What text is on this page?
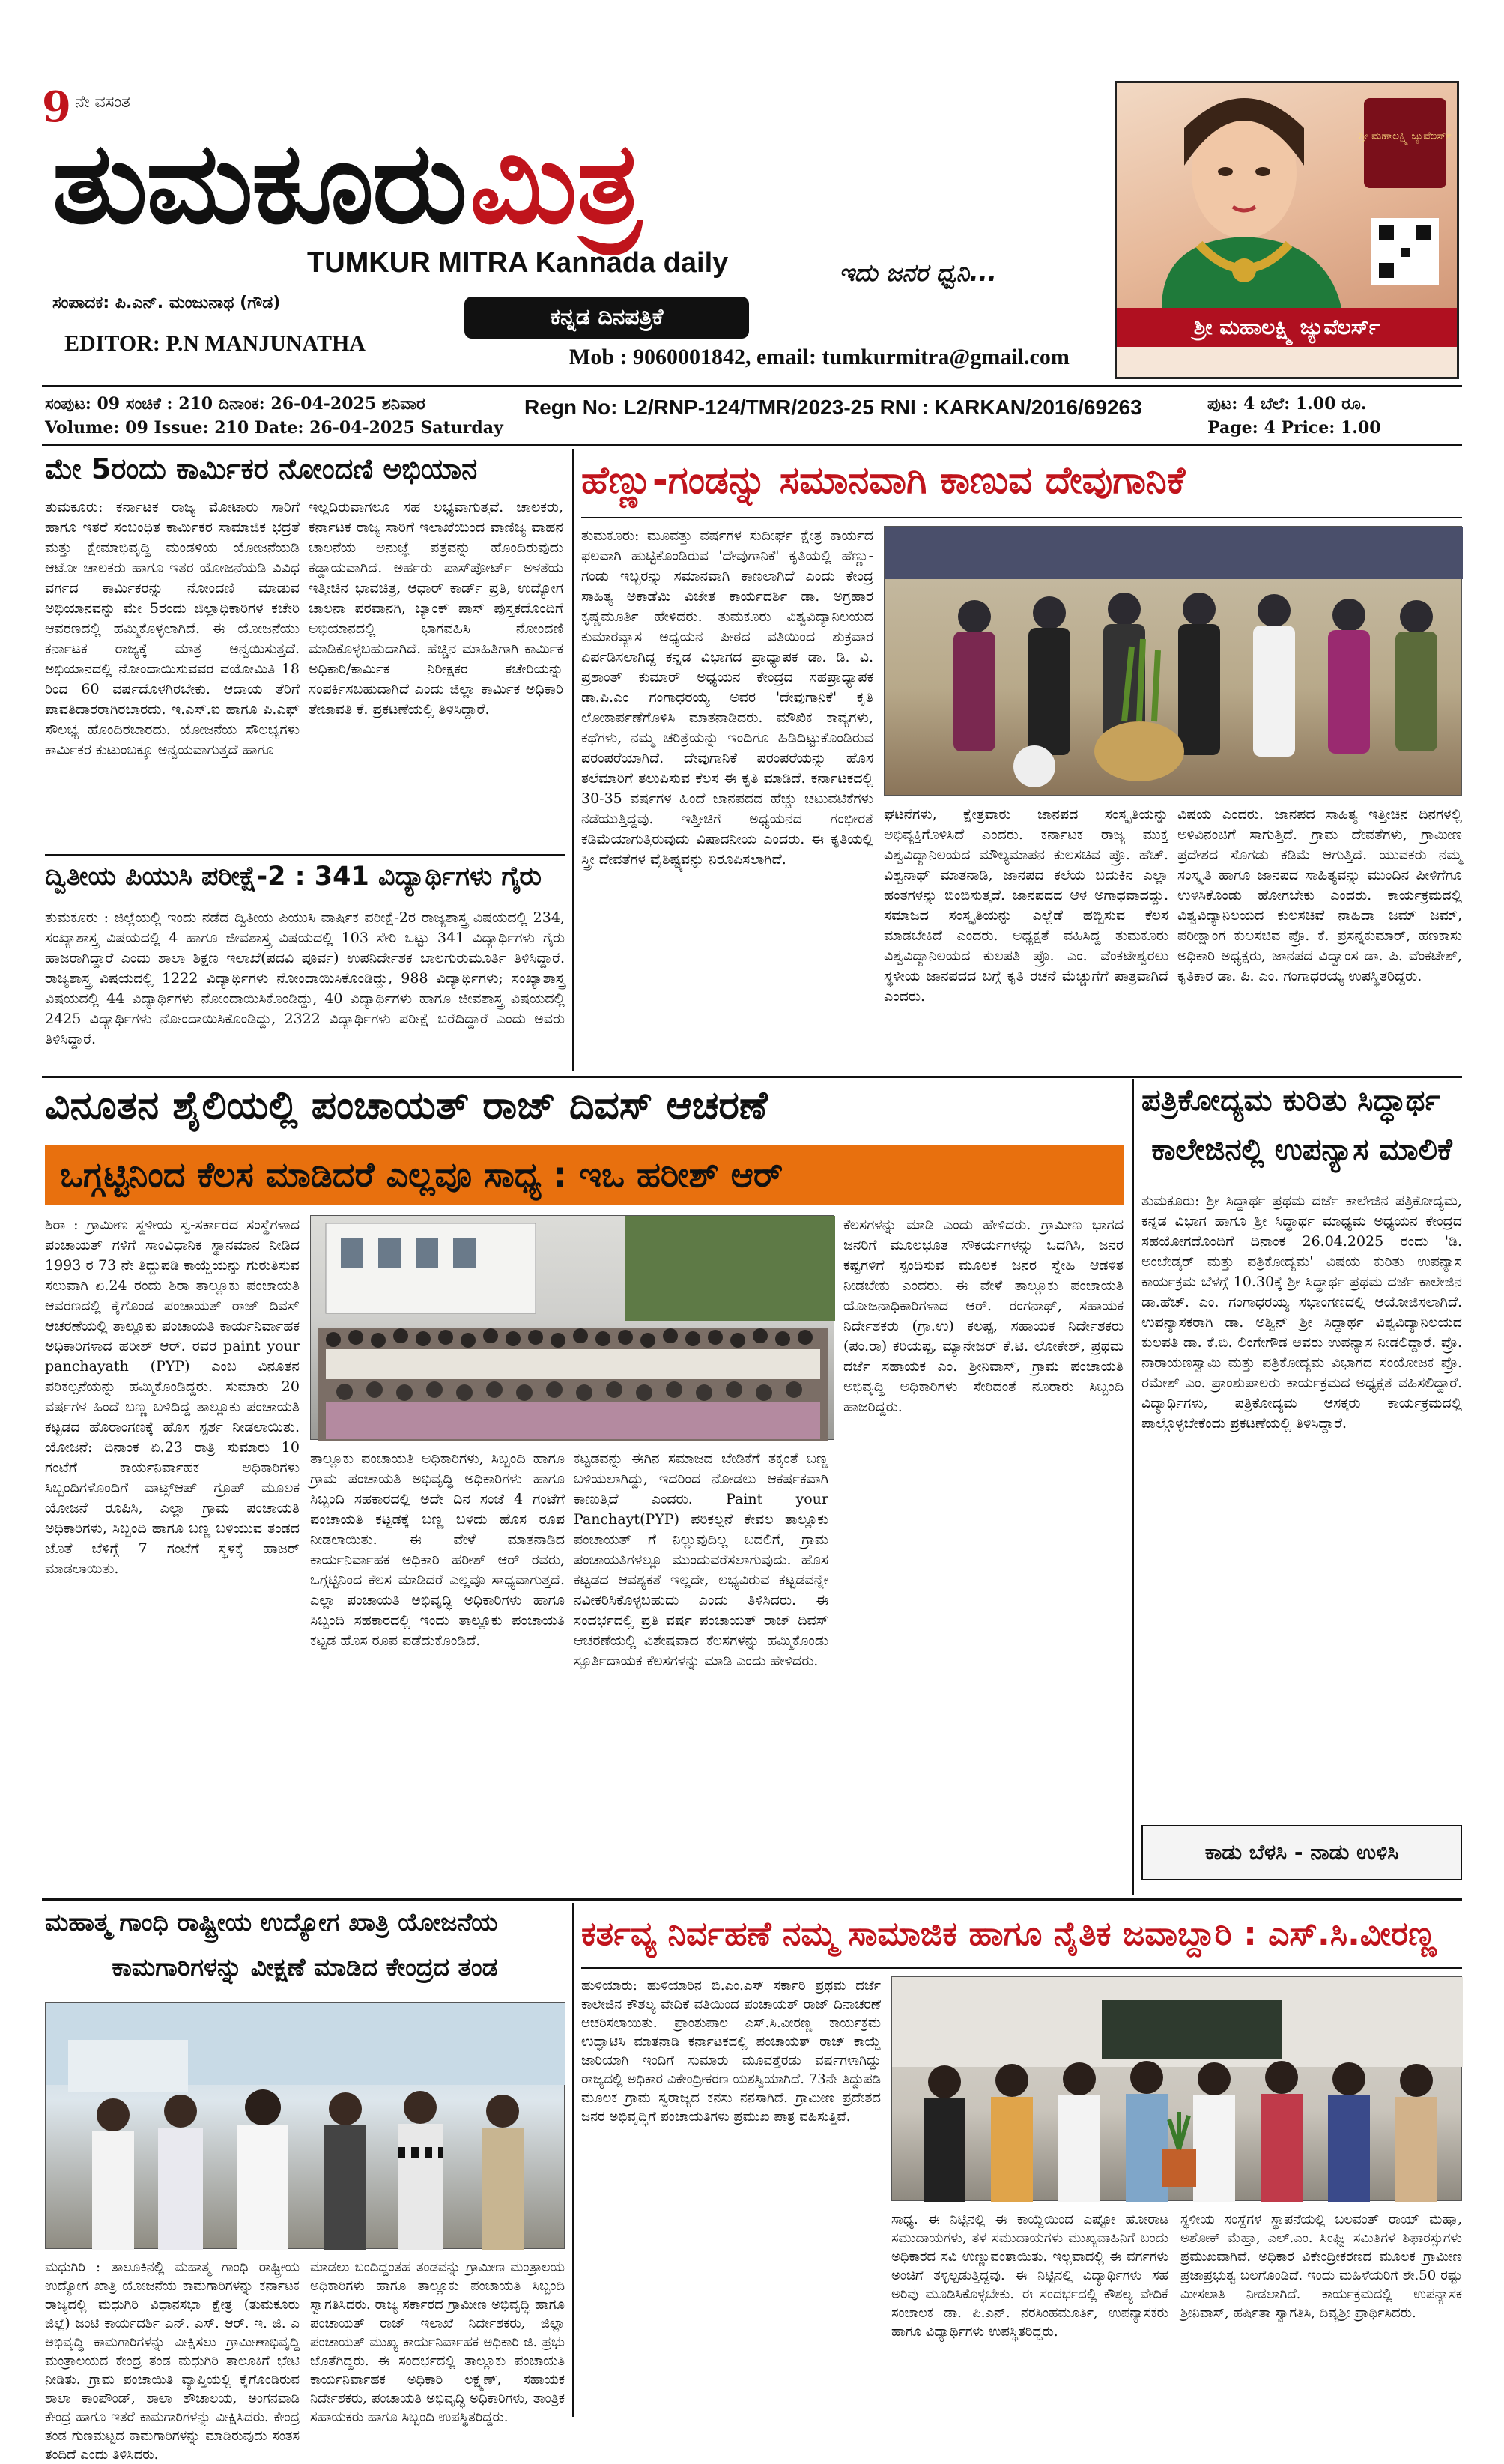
9 ನೇ ವಸಂತ
ತುಮಕೂರು ಮಿತ್ರ
TUMKUR MITRA Kannada daily	ಇದು ಜನರ ಧ್ವನಿ...
ಸಂಪಾದಕ: ಪಿ.ಎನ್. ಮಂಜುನಾಥ (ಗೌಡ)
EDITOR: P.N MANJUNATHA
ಕನ್ನಡ ದಿನಪತ್ರಿಕೆ
Mob : 9060001842, email: tumkurmitra@gmail.com
ಶ್ರೀ ಮಹಾಲಕ್ಷ್ಮಿ ಜ್ಯುವೆಲರ್ಸ್
ಶ್ರೀ ಮಹಾಲಕ್ಷ್ಮಿ ಜ್ಯುವೆಲರ್ಸ್
ಸಂಪುಟ: 09 ಸಂಚಿಕೆ : 210 ದಿನಾಂಕ: 26-04-2025 ಶನಿವಾರ
Volume: 09 Issue: 210 Date: 26-04-2025 Saturday
Regn No: L2/RNP-124/TMR/2023-25 RNI : KARKAN/2016/69263	ಪುಟ: 4 ಬೆಲೆ: 1.00 ರೂ.
Page: 4 Price: 1.00
ಮೇ 5ರಂದು ಕಾರ್ಮಿಕರ ನೋಂದಣಿ ಅಭಿಯಾನ
ತುಮಕೂರು: ಕರ್ನಾಟಕ ರಾಜ್ಯ ಮೋಟಾರು ಸಾರಿಗೆ ಹಾಗೂ ಇತರೆ ಸಂಬಂಧಿತ ಕಾರ್ಮಿಕರ ಸಾಮಾಜಿಕ ಭದ್ರತೆ ಮತ್ತು ಕ್ಷೇಮಾಭಿವೃದ್ಧಿ ಮಂಡಳಿಯ ಯೋಜನೆಯಡಿ ಆಟೋ ಚಾಲಕರು ಹಾಗೂ ಇತರ ಯೋಜನೆಯಡಿ ವಿವಿಧ ವರ್ಗದ ಕಾರ್ಮಿಕರನ್ನು ನೋಂದಣಿ ಮಾಡುವ ಅಭಿಯಾನವನ್ನು ಮೇ 5ರಂದು ಜಿಲ್ಲಾಧಿಕಾರಿಗಳ ಕಚೇರಿ ಆವರಣದಲ್ಲಿ ಹಮ್ಮಿಕೊಳ್ಳಲಾಗಿದೆ. ಈ ಯೋಜನೆಯು ಕರ್ನಾಟಕ ರಾಜ್ಯಕ್ಕೆ ಮಾತ್ರ ಅನ್ವಯಿಸುತ್ತದೆ. ಅಭಿಯಾನದಲ್ಲಿ ನೋಂದಾಯಿಸುವವರ ವಯೋಮಿತಿ 18 ರಿಂದ 60 ವರ್ಷದೊಳಗಿರಬೇಕು. ಆದಾಯ ತೆರಿಗೆ ಪಾವತಿದಾರರಾಗಿರಬಾರದು. ಇ.ಎಸ್.ಐ ಹಾಗೂ ಪಿ.ಎಫ್ ಸೌಲಭ್ಯ ಹೊಂದಿರಬಾರದು. ಯೋಜನೆಯ ಸೌಲಭ್ಯಗಳು ಕಾರ್ಮಿಕರ ಕುಟುಂಬಕ್ಕೂ ಅನ್ವಯವಾಗುತ್ತದೆ ಹಾಗೂ
ಇಲ್ಲದಿರುವಾಗಲೂ ಸಹ ಲಭ್ಯವಾಗುತ್ತವೆ. ಚಾಲಕರು, ಕರ್ನಾಟಕ ರಾಜ್ಯ ಸಾರಿಗೆ ಇಲಾಖೆಯಿಂದ ವಾಣಿಜ್ಯ ವಾಹನ ಚಾಲನೆಯ ಅನುಜ್ಞೆ ಪತ್ರವನ್ನು ಹೊಂದಿರುವುದು ಕಡ್ಡಾಯವಾಗಿದೆ. ಅರ್ಹರು ಪಾಸ್‌ಪೋರ್ಟ್ ಅಳತೆಯ ಇತ್ತೀಚಿನ ಭಾವಚಿತ್ರ, ಆಧಾರ್ ಕಾರ್ಡ್ ಪ್ರತಿ, ಉದ್ಯೋಗ ಚಾಲನಾ ಪರವಾನಗಿ, ಬ್ಯಾಂಕ್ ಪಾಸ್ ಪುಸ್ತಕದೊಂದಿಗೆ ಅಭಿಯಾನದಲ್ಲಿ ಭಾಗವಹಿಸಿ ನೋಂದಣಿ ಮಾಡಿಕೊಳ್ಳಬಹುದಾಗಿದೆ. ಹೆಚ್ಚಿನ ಮಾಹಿತಿಗಾಗಿ ಕಾರ್ಮಿಕ ಅಧಿಕಾರಿ/ಕಾರ್ಮಿಕ ನಿರೀಕ್ಷಕರ ಕಚೇರಿಯನ್ನು ಸಂಪರ್ಕಿಸಬಹುದಾಗಿದೆ ಎಂದು ಜಿಲ್ಲಾ ಕಾರ್ಮಿಕ ಅಧಿಕಾರಿ ತೇಜಾವತಿ ಕೆ. ಪ್ರಕಟಣೆಯಲ್ಲಿ ತಿಳಿಸಿದ್ದಾರೆ.
ದ್ವಿತೀಯ ಪಿಯುಸಿ ಪರೀಕ್ಷೆ-2 : 341 ವಿದ್ಯಾರ್ಥಿಗಳು ಗೈರು
ತುಮಕೂರು : ಜಿಲ್ಲೆಯಲ್ಲಿ ಇಂದು ನಡೆದ ದ್ವಿತೀಯ ಪಿಯುಸಿ ವಾರ್ಷಿಕ ಪರೀಕ್ಷೆ-2ರ ರಾಜ್ಯಶಾಸ್ತ್ರ ವಿಷಯದಲ್ಲಿ 234, ಸಂಖ್ಯಾಶಾಸ್ತ್ರ ವಿಷಯದಲ್ಲಿ 4 ಹಾಗೂ ಜೀವಶಾಸ್ತ್ರ ವಿಷಯದಲ್ಲಿ 103 ಸೇರಿ ಒಟ್ಟು 341 ವಿದ್ಯಾರ್ಥಿಗಳು ಗೈರು ಹಾಜರಾಗಿದ್ದಾರೆ ಎಂದು ಶಾಲಾ ಶಿಕ್ಷಣ ಇಲಾಖೆ(ಪದವಿ ಪೂರ್ವ) ಉಪನಿರ್ದೇಶಕ ಬಾಲಗುರುಮೂರ್ತಿ ತಿಳಿಸಿದ್ದಾರೆ. ರಾಜ್ಯಶಾಸ್ತ್ರ ವಿಷಯದಲ್ಲಿ 1222 ವಿದ್ಯಾರ್ಥಿಗಳು ನೋಂದಾಯಿಸಿಕೊಂಡಿದ್ದು, 988 ವಿದ್ಯಾರ್ಥಿಗಳು; ಸಂಖ್ಯಾಶಾಸ್ತ್ರ ವಿಷಯದಲ್ಲಿ 44 ವಿದ್ಯಾರ್ಥಿಗಳು ನೋಂದಾಯಿಸಿಕೊಂಡಿದ್ದು, 40 ವಿದ್ಯಾರ್ಥಿಗಳು ಹಾಗೂ ಜೀವಶಾಸ್ತ್ರ ವಿಷಯದಲ್ಲಿ 2425 ವಿದ್ಯಾರ್ಥಿಗಳು ನೋಂದಾಯಿಸಿಕೊಂಡಿದ್ದು, 2322 ವಿದ್ಯಾರ್ಥಿಗಳು ಪರೀಕ್ಷೆ ಬರೆದಿದ್ದಾರೆ ಎಂದು ಅವರು ತಿಳಿಸಿದ್ದಾರೆ.
ಹೆಣ್ಣು-ಗಂಡನ್ನು ಸಮಾನವಾಗಿ ಕಾಣುವ ದೇವುಗಾನಿಕೆ
ತುಮಕೂರು: ಮೂವತ್ತು ವರ್ಷಗಳ ಸುದೀರ್ಘ ಕ್ಷೇತ್ರ ಕಾರ್ಯದ ಫಲವಾಗಿ ಹುಟ್ಟಿಕೊಂಡಿರುವ 'ದೇವುಗಾನಿಕೆ' ಕೃತಿಯಲ್ಲಿ ಹೆಣ್ಣು- ಗಂಡು ಇಬ್ಬರನ್ನು ಸಮಾನವಾಗಿ ಕಾಣಲಾಗಿದೆ ಎಂದು ಕೇಂದ್ರ ಸಾಹಿತ್ಯ ಅಕಾಡೆಮಿ ವಿಜೇತ ಕಾರ್ಯದರ್ಶಿ ಡಾ. ಅಗ್ರಹಾರ ಕೃಷ್ಣಮೂರ್ತಿ ಹೇಳಿದರು. ತುಮಕೂರು ವಿಶ್ವವಿದ್ಯಾನಿಲಯದ ಕುಮಾರವ್ಯಾಸ ಅಧ್ಯಯನ ಪೀಠದ ವತಿಯಿಂದ ಶುಕ್ರವಾರ ಏರ್ಪಡಿಸಲಾಗಿದ್ದ ಕನ್ನಡ ವಿಭಾಗದ ಪ್ರಾಧ್ಯಾಪಕ ಡಾ. ಡಿ. ವಿ. ಪ್ರಶಾಂತ್ ಕುಮಾರ್ ಅಧ್ಯಯನ ಕೇಂದ್ರದ ಸಹಪ್ರಾಧ್ಯಾಪಕ ಡಾ.ಪಿ.ಎಂ ಗಂಗಾಧರಯ್ಯ ಅವರ 'ದೇವುಗಾನಿಕೆ' ಕೃತಿ ಲೋಕಾರ್ಪಣೆಗೊಳಿಸಿ ಮಾತನಾಡಿದರು. ಮೌಖಿಕ ಕಾವ್ಯಗಳು, ಕಥೆಗಳು, ನಮ್ಮ ಚರಿತ್ರೆಯನ್ನು ಇಂದಿಗೂ ಹಿಡಿದಿಟ್ಟುಕೊಂಡಿರುವ ಪರಂಪರೆಯಾಗಿದೆ. ದೇವುಗಾನಿಕೆ ಪರಂಪರೆಯನ್ನು ಹೊಸ ತಲೆಮಾರಿಗೆ ತಲುಪಿಸುವ ಕೆಲಸ ಈ ಕೃತಿ ಮಾಡಿದೆ. ಕರ್ನಾಟಕದಲ್ಲಿ 30-35 ವರ್ಷಗಳ ಹಿಂದೆ ಜಾನಪದದ ಹೆಚ್ಚು ಚಟುವಟಿಕೆಗಳು ನಡೆಯುತ್ತಿದ್ದವು. ಇತ್ತೀಚಿಗೆ ಅಧ್ಯಯನದ ಗಂಭೀರತೆ ಕಡಿಮೆಯಾಗುತ್ತಿರುವುದು ವಿಷಾದನೀಯ ಎಂದರು. ಈ ಕೃತಿಯಲ್ಲಿ ಸ್ತ್ರೀ ದೇವತೆಗಳ ವೈಶಿಷ್ಟ್ಯವನ್ನು ನಿರೂಪಿಸಲಾಗಿದೆ.
ಘಟನೆಗಳು, ಕ್ಷೇತ್ರವಾರು ಜಾನಪದ ಸಂಸ್ಕೃತಿಯನ್ನು ಅಭಿವ್ಯಕ್ತಿಗೊಳಿಸಿದೆ ಎಂದರು. ಕರ್ನಾಟಕ ರಾಜ್ಯ ಮುಕ್ತ ವಿಶ್ವವಿದ್ಯಾನಿಲಯದ ಮೌಲ್ಯಮಾಪನ ಕುಲಸಚಿವ ಪ್ರೊ. ಹೆಚ್. ವಿಶ್ವನಾಥ್ ಮಾತನಾಡಿ, ಜಾನಪದ ಕಲೆಯ ಬದುಕಿನ ಎಲ್ಲಾ ಹಂತಗಳನ್ನು ಬಿಂಬಿಸುತ್ತದೆ. ಜಾನಪದದ ಆಳ ಅಗಾಧವಾದದ್ದು. ಸಮಾಜದ ಸಂಸ್ಕೃತಿಯನ್ನು ಎಲ್ಲೆಡೆ ಹಬ್ಬಿಸುವ ಕೆಲಸ ಮಾಡಬೇಕಿದೆ ಎಂದರು. ಅಧ್ಯಕ್ಷತೆ ವಹಿಸಿದ್ದ ತುಮಕೂರು ವಿಶ್ವವಿದ್ಯಾನಿಲಯದ ಕುಲಪತಿ ಪ್ರೊ. ಎಂ. ವೆಂಕಟೇಶ್ವರಲು ಸ್ಥಳೀಯ ಜಾನಪದದ ಬಗ್ಗೆ ಕೃತಿ ರಚನೆ ಮೆಚ್ಚುಗೆಗೆ ಪಾತ್ರವಾಗಿದೆ ಎಂದರು.
ವಿಷಯ ಎಂದರು. ಜಾನಪದ ಸಾಹಿತ್ಯ ಇತ್ತೀಚಿನ ದಿನಗಳಲ್ಲಿ ಅಳಿವಿನಂಚಿಗೆ ಸಾಗುತ್ತಿದೆ. ಗ್ರಾಮ ದೇವತೆಗಳು, ಗ್ರಾಮೀಣ ಪ್ರದೇಶದ ಸೊಗಡು ಕಡಿಮೆ ಆಗುತ್ತಿದೆ. ಯುವಕರು ನಮ್ಮ ಸಂಸ್ಕೃತಿ ಹಾಗೂ ಜಾನಪದ ಸಾಹಿತ್ಯವನ್ನು ಮುಂದಿನ ಪೀಳಿಗೆಗೂ ಉಳಿಸಿಕೊಂಡು ಹೋಗಬೇಕು ಎಂದರು. ಕಾರ್ಯಕ್ರಮದಲ್ಲಿ ವಿಶ್ವವಿದ್ಯಾನಿಲಯದ ಕುಲಸಚಿವೆ ನಾಹಿದಾ ಜಮ್ ಜಮ್, ಪರೀಕ್ಷಾಂಗ ಕುಲಸಚಿವ ಪ್ರೊ. ಕೆ. ಪ್ರಸನ್ನಕುಮಾರ್, ಹಣಕಾಸು ಅಧಿಕಾರಿ ಅಧ್ಯಕ್ಷರು, ಜಾನಪದ ವಿದ್ವಾಂಸ ಡಾ. ಪಿ. ವೆಂಕಟೇಶ್, ಕೃತಿಕಾರ ಡಾ. ಪಿ. ಎಂ. ಗಂಗಾಧರಯ್ಯ ಉಪಸ್ಥಿತರಿದ್ದರು.
ವಿನೂತನ ಶೈಲಿಯಲ್ಲಿ ಪಂಚಾಯತ್ ರಾಜ್ ದಿವಸ್ ಆಚರಣೆ
ಒಗ್ಗಟ್ಟಿನಿಂದ ಕೆಲಸ ಮಾಡಿದರೆ ಎಲ್ಲವೂ ಸಾಧ್ಯ : ಇಒ ಹರೀಶ್ ಆರ್
ಶಿರಾ : ಗ್ರಾಮೀಣ ಸ್ಥಳೀಯ ಸ್ವ-ಸರ್ಕಾರದ ಸಂಸ್ಥೆಗಳಾದ ಪಂಚಾಯತ್ ಗಳಿಗೆ ಸಾಂವಿಧಾನಿಕ ಸ್ಥಾನಮಾನ ನೀಡಿದ 1993 ರ 73 ನೇ ತಿದ್ದುಪಡಿ ಕಾಯ್ದೆಯನ್ನು ಗುರುತಿಸುವ ಸಲುವಾಗಿ ಏ.24 ರಂದು ಶಿರಾ ತಾಲ್ಲೂಕು ಪಂಚಾಯತಿ ಆವರಣದಲ್ಲಿ ಕೈಗೊಂಡ ಪಂಚಾಯತ್ ರಾಜ್ ದಿವಸ್ ಆಚರಣೆಯಲ್ಲಿ ತಾಲ್ಲೂಕು ಪಂಚಾಯತಿ ಕಾರ್ಯನಿರ್ವಾಹಕ ಅಧಿಕಾರಿಗಳಾದ ಹರೀಶ್ ಆರ್. ರವರ paint your panchayath (PYP) ಎಂಬ ವಿನೂತನ ಪರಿಕಲ್ಪನೆಯನ್ನು ಹಮ್ಮಿಕೊಂಡಿದ್ದರು. ಸುಮಾರು 20 ವರ್ಷಗಳ ಹಿಂದೆ ಬಣ್ಣ ಬಳಿದಿದ್ದ ತಾಲ್ಲೂಕು ಪಂಚಾಯತಿ ಕಟ್ಟಡದ ಹೊರಾಂಗಣಕ್ಕೆ ಹೊಸ ಸ್ಪರ್ಶ ನೀಡಲಾಯಿತು. ಯೋಜನೆ: ದಿನಾಂಕ ಏ.23 ರಾತ್ರಿ ಸುಮಾರು 10 ಗಂಟೆಗೆ ಕಾರ್ಯನಿರ್ವಾಹಕ ಅಧಿಕಾರಿಗಳು ಸಿಬ್ಬಂದಿಗಳೊಂದಿಗೆ ವಾಟ್ಸ್‌ಆಪ್ ಗ್ರೂಪ್ ಮೂಲಕ ಯೋಜನೆ ರೂಪಿಸಿ, ಎಲ್ಲಾ ಗ್ರಾಮ ಪಂಚಾಯತಿ ಅಧಿಕಾರಿಗಳು, ಸಿಬ್ಬಂದಿ ಹಾಗೂ ಬಣ್ಣ ಬಳಿಯುವ ತಂಡದ ಜೊತೆ ಬೆಳಿಗ್ಗೆ 7 ಗಂಟೆಗೆ ಸ್ಥಳಕ್ಕೆ ಹಾಜರ್ ಮಾಡಲಾಯಿತು.
ತಾಲ್ಲೂಕು ಪಂಚಾಯತಿ ಅಧಿಕಾರಿಗಳು, ಸಿಬ್ಬಂದಿ ಹಾಗೂ ಗ್ರಾಮ ಪಂಚಾಯತಿ ಅಭಿವೃದ್ಧಿ ಅಧಿಕಾರಿಗಳು ಹಾಗೂ ಸಿಬ್ಬಂದಿ ಸಹಕಾರದಲ್ಲಿ ಅದೇ ದಿನ ಸಂಜೆ 4 ಗಂಟೆಗೆ ಪಂಚಾಯತಿ ಕಟ್ಟಡಕ್ಕೆ ಬಣ್ಣ ಬಳಿದು ಹೊಸ ರೂಪ ನೀಡಲಾಯಿತು. ಈ ವೇಳೆ ಮಾತನಾಡಿದ ಕಾರ್ಯನಿರ್ವಾಹಕ ಅಧಿಕಾರಿ ಹರೀಶ್ ಆರ್ ರವರು, ಒಗ್ಗಟ್ಟಿನಿಂದ ಕೆಲಸ ಮಾಡಿದರೆ ಎಲ್ಲವೂ ಸಾಧ್ಯವಾಗುತ್ತದೆ. ಎಲ್ಲಾ ಪಂಚಾಯತಿ ಅಭಿವೃದ್ಧಿ ಅಧಿಕಾರಿಗಳು ಹಾಗೂ ಸಿಬ್ಬಂದಿ ಸಹಕಾರದಲ್ಲಿ ಇಂದು ತಾಲ್ಲೂಕು ಪಂಚಾಯತಿ ಕಟ್ಟಡ ಹೊಸ ರೂಪ ಪಡೆದುಕೊಂಡಿದೆ.
ಕಟ್ಟಡವನ್ನು ಈಗಿನ ಸಮಾಜದ ಬೇಡಿಕೆಗೆ ತಕ್ಕಂತೆ ಬಣ್ಣ ಬಳಿಯಲಾಗಿದ್ದು, ಇದರಿಂದ ನೋಡಲು ಆಕರ್ಷಕವಾಗಿ ಕಾಣುತ್ತಿದೆ ಎಂದರು. Paint your Panchayt(PYP) ಪರಿಕಲ್ಪನೆ ಕೇವಲ ತಾಲ್ಲೂಕು ಪಂಚಾಯತ್ ಗೆ ನಿಲ್ಲುವುದಿಲ್ಲ ಬದಲಿಗೆ, ಗ್ರಾಮ ಪಂಚಾಯತಿಗಳಲ್ಲೂ ಮುಂದುವರೆಸಲಾಗುವುದು. ಹೊಸ ಕಟ್ಟಡದ ಆವಶ್ಯಕತೆ ಇಲ್ಲದೇ, ಲಭ್ಯವಿರುವ ಕಟ್ಟಡವನ್ನೇ ನವೀಕರಿಸಿಕೊಳ್ಳಬಹುದು ಎಂದು ತಿಳಿಸಿದರು. ಈ ಸಂದರ್ಭದಲ್ಲಿ ಪ್ರತಿ ವರ್ಷ ಪಂಚಾಯತ್ ರಾಜ್ ದಿವಸ್ ಆಚರಣೆಯಲ್ಲಿ ವಿಶೇಷವಾದ ಕೆಲಸಗಳನ್ನು ಹಮ್ಮಿಕೊಂಡು ಸ್ಪೂರ್ತಿದಾಯಕ ಕೆಲಸಗಳನ್ನು ಮಾಡಿ ಎಂದು ಹೇಳಿದರು.
ಕೆಲಸಗಳನ್ನು ಮಾಡಿ ಎಂದು ಹೇಳಿದರು. ಗ್ರಾಮೀಣ ಭಾಗದ ಜನರಿಗೆ ಮೂಲಭೂತ ಸೌಕರ್ಯಗಳನ್ನು ಒದಗಿಸಿ, ಜನರ ಕಷ್ಟಗಳಿಗೆ ಸ್ಪಂದಿಸುವ ಮೂಲಕ ಜನರ ಸ್ನೇಹಿ ಆಡಳಿತ ನೀಡಬೇಕು ಎಂದರು. ಈ ವೇಳೆ ತಾಲ್ಲೂಕು ಪಂಚಾಯತಿ ಯೋಜನಾಧಿಕಾರಿಗಳಾದ ಆರ್. ರಂಗನಾಥ್, ಸಹಾಯಕ ನಿರ್ದೇಶಕರು (ಗ್ರಾ.ಉ) ಕಲಪ್ಪ, ಸಹಾಯಕ ನಿರ್ದೇಶಕರು (ಪಂ.ರಾ) ಕರಿಯಪ್ಪ, ಮ್ಯಾನೇಜರ್ ಕೆ.ಟಿ. ಲೋಕೇಶ್, ಪ್ರಥಮ ದರ್ಜೆ ಸಹಾಯಕ ಎಂ. ಶ್ರೀನಿವಾಸ್, ಗ್ರಾಮ ಪಂಚಾಯತಿ ಅಭಿವೃದ್ಧಿ ಅಧಿಕಾರಿಗಳು ಸೇರಿದಂತೆ ನೂರಾರು ಸಿಬ್ಬಂದಿ ಹಾಜರಿದ್ದರು.
ಪತ್ರಿಕೋದ್ಯಮ ಕುರಿತು ಸಿದ್ಧಾರ್ಥ
ಕಾಲೇಜಿನಲ್ಲಿ ಉಪನ್ಯಾಸ ಮಾಲಿಕೆ
ತುಮಕೂರು: ಶ್ರೀ ಸಿದ್ಧಾರ್ಥ ಪ್ರಥಮ ದರ್ಜೆ ಕಾಲೇಜಿನ ಪತ್ರಿಕೋದ್ಯಮ, ಕನ್ನಡ ವಿಭಾಗ ಹಾಗೂ ಶ್ರೀ ಸಿದ್ಧಾರ್ಥ ಮಾಧ್ಯಮ ಅಧ್ಯಯನ ಕೇಂದ್ರದ ಸಹಯೋಗದೊಂದಿಗೆ ದಿನಾಂಕ 26.04.2025 ರಂದು 'ಡಿ. ಅಂಬೇಡ್ಕರ್ ಮತ್ತು ಪತ್ರಿಕೋದ್ಯಮ' ವಿಷಯ ಕುರಿತು ಉಪನ್ಯಾಸ ಕಾರ್ಯಕ್ರಮ ಬೆಳಗ್ಗೆ 10.30ಕ್ಕೆ ಶ್ರೀ ಸಿದ್ಧಾರ್ಥ ಪ್ರಥಮ ದರ್ಜೆ ಕಾಲೇಜಿನ ಡಾ.ಹೆಚ್. ಎಂ. ಗಂಗಾಧರಯ್ಯ ಸಭಾಂಗಣದಲ್ಲಿ ಆಯೋಜಿಸಲಾಗಿದೆ. ಉಪನ್ಯಾಸಕರಾಗಿ ಡಾ. ಅಶ್ವಿನ್ ಶ್ರೀ ಸಿದ್ಧಾರ್ಥ ವಿಶ್ವವಿದ್ಯಾನಿಲಯದ ಕುಲಪತಿ ಡಾ. ಕೆ.ಬಿ. ಲಿಂಗೇಗೌಡ ಅವರು ಉಪನ್ಯಾಸ ನೀಡಲಿದ್ದಾರೆ. ಪ್ರೊ. ನಾರಾಯಣಸ್ವಾಮಿ ಮತ್ತು ಪತ್ರಿಕೋದ್ಯಮ ವಿಭಾಗದ ಸಂಯೋಜಕ ಪ್ರೊ. ರಮೇಶ್ ಎಂ. ಪ್ರಾಂಶುಪಾಲರು ಕಾರ್ಯಕ್ರಮದ ಅಧ್ಯಕ್ಷತೆ ವಹಿಸಲಿದ್ದಾರೆ. ವಿದ್ಯಾರ್ಥಿಗಳು, ಪತ್ರಿಕೋದ್ಯಮ ಆಸಕ್ತರು ಕಾರ್ಯಕ್ರಮದಲ್ಲಿ ಪಾಲ್ಗೊಳ್ಳಬೇಕೆಂದು ಪ್ರಕಟಣೆಯಲ್ಲಿ ತಿಳಿಸಿದ್ದಾರೆ.
ಕಾಡು ಬೆಳಸಿ - ನಾಡು ಉಳಿಸಿ
ಮಹಾತ್ಮ ಗಾಂಧಿ ರಾಷ್ಟ್ರೀಯ ಉದ್ಯೋಗ ಖಾತ್ರಿ ಯೋಜನೆಯ
ಕಾಮಗಾರಿಗಳನ್ನು ವೀಕ್ಷಣೆ ಮಾಡಿದ ಕೇಂದ್ರದ ತಂಡ
ಮಧುಗಿರಿ : ತಾಲೂಕಿನಲ್ಲಿ ಮಹಾತ್ಮ ಗಾಂಧಿ ರಾಷ್ಟ್ರೀಯ ಉದ್ಯೋಗ ಖಾತ್ರಿ ಯೋಜನೆಯ ಕಾಮಗಾರಿಗಳನ್ನು ಕರ್ನಾಟಕ ರಾಜ್ಯದಲ್ಲಿ ಮಧುಗಿರಿ ವಿಧಾನಸಭಾ ಕ್ಷೇತ್ರ (ತುಮಕೂರು ಜಿಲ್ಲೆ) ಜಂಟಿ ಕಾರ್ಯದರ್ಶಿ ಎನ್. ಎಸ್. ಆರ್. ಇ. ಜಿ. ಎ ಅಭಿವೃದ್ಧಿ ಕಾಮಗಾರಿಗಳನ್ನು ವೀಕ್ಷಿಸಲು ಗ್ರಾಮೀಣಾಭಿವೃದ್ಧಿ ಮಂತ್ರಾಲಯದ ಕೇಂದ್ರ ತಂಡ ಮಧುಗಿರಿ ತಾಲೂಕಿಗೆ ಭೇಟಿ ನೀಡಿತು. ಗ್ರಾಮ ಪಂಚಾಯಿತಿ ವ್ಯಾಪ್ತಿಯಲ್ಲಿ ಕೈಗೊಂಡಿರುವ ಶಾಲಾ ಕಾಂಪೌಂಡ್, ಶಾಲಾ ಶೌಚಾಲಯ, ಅಂಗನವಾಡಿ ಕೇಂದ್ರ ಹಾಗೂ ಇತರೆ ಕಾಮಗಾರಿಗಳನ್ನು ವೀಕ್ಷಿಸಿದರು. ಕೇಂದ್ರ ತಂಡ ಗುಣಮಟ್ಟದ ಕಾಮಗಾರಿಗಳನ್ನು ಮಾಡಿರುವುದು ಸಂತಸ ತಂದಿದೆ ಎಂದು ತಿಳಿಸಿದರು.
ಮಾಡಲು ಬಂದಿದ್ದಂತಹ ತಂಡವನ್ನು ಗ್ರಾಮೀಣ ಮಂತ್ರಾಲಯ ಅಧಿಕಾರಿಗಳು ಹಾಗೂ ತಾಲ್ಲೂಕು ಪಂಚಾಯತಿ ಸಿಬ್ಬಂದಿ ಸ್ವಾಗತಿಸಿದರು. ರಾಜ್ಯ ಸರ್ಕಾರದ ಗ್ರಾಮೀಣ ಅಭಿವೃದ್ಧಿ ಹಾಗೂ ಪಂಚಾಯತ್ ರಾಜ್ ಇಲಾಖೆ ನಿರ್ದೇಶಕರು, ಜಿಲ್ಲಾ ಪಂಚಾಯತ್ ಮುಖ್ಯ ಕಾರ್ಯನಿರ್ವಾಹಕ ಅಧಿಕಾರಿ ಜಿ. ಪ್ರಭು ಜೊತೆಗಿದ್ದರು. ಈ ಸಂದರ್ಭದಲ್ಲಿ ತಾಲ್ಲೂಕು ಪಂಚಾಯತಿ ಕಾರ್ಯನಿರ್ವಾಹಕ ಅಧಿಕಾರಿ ಲಕ್ಷ್ಮಣ್, ಸಹಾಯಕ ನಿರ್ದೇಶಕರು, ಪಂಚಾಯತಿ ಅಭಿವೃದ್ಧಿ ಅಧಿಕಾರಿಗಳು, ತಾಂತ್ರಿಕ ಸಹಾಯಕರು ಹಾಗೂ ಸಿಬ್ಬಂದಿ ಉಪಸ್ಥಿತರಿದ್ದರು.
ಕರ್ತವ್ಯ ನಿರ್ವಹಣೆ ನಮ್ಮ ಸಾಮಾಜಿಕ ಹಾಗೂ ನೈತಿಕ ಜವಾಬ್ದಾರಿ : ಎಸ್.ಸಿ.ವೀರಣ್ಣ
ಹುಳಿಯಾರು: ಹುಳಿಯಾರಿನ ಬಿ.ಎಂ.ಎಸ್ ಸರ್ಕಾರಿ ಪ್ರಥಮ ದರ್ಜೆ ಕಾಲೇಜಿನ ಕೌಶಲ್ಯ ವೇದಿಕೆ ವತಿಯಿಂದ ಪಂಚಾಯತ್ ರಾಜ್ ದಿನಾಚರಣೆ ಆಚರಿಸಲಾಯಿತು. ಪ್ರಾಂಶುಪಾಲ ಎಸ್.ಸಿ.ವೀರಣ್ಣ ಕಾರ್ಯಕ್ರಮ ಉದ್ಘಾಟಿಸಿ ಮಾತನಾಡಿ ಕರ್ನಾಟಕದಲ್ಲಿ ಪಂಚಾಯತ್ ರಾಜ್ ಕಾಯ್ದೆ ಜಾರಿಯಾಗಿ ಇಂದಿಗೆ ಸುಮಾರು ಮೂವತ್ತೆರಡು ವರ್ಷಗಳಾಗಿದ್ದು ರಾಜ್ಯದಲ್ಲಿ ಅಧಿಕಾರ ವಿಕೇಂದ್ರೀಕರಣ ಯಶಸ್ವಿಯಾಗಿದೆ. 73ನೇ ತಿದ್ದುಪಡಿ ಮೂಲಕ ಗ್ರಾಮ ಸ್ವರಾಜ್ಯದ ಕನಸು ನನಸಾಗಿದೆ. ಗ್ರಾಮೀಣ ಪ್ರದೇಶದ ಜನರ ಅಭಿವೃದ್ಧಿಗೆ ಪಂಚಾಯತಿಗಳು ಪ್ರಮುಖ ಪಾತ್ರ ವಹಿಸುತ್ತಿವೆ.
ಸಾಧ್ಯ. ಈ ನಿಟ್ಟಿನಲ್ಲಿ ಈ ಕಾಯ್ದೆಯಿಂದ ಎಷ್ಟೋ ಹೋರಾಟ ಸಮುದಾಯಗಳು, ತಳ ಸಮುದಾಯಗಳು ಮುಖ್ಯವಾಹಿನಿಗೆ ಬಂದು ಅಧಿಕಾರದ ಸವಿ ಉಣ್ಣುವಂತಾಯಿತು. ಇಲ್ಲವಾದಲ್ಲಿ ಈ ವರ್ಗಗಳು ಅಂಚಿಗೆ ತಳ್ಳಲ್ಪಡುತ್ತಿದ್ದವು. ಈ ನಿಟ್ಟಿನಲ್ಲಿ ವಿದ್ಯಾರ್ಥಿಗಳು ಸಹ ಅರಿವು ಮೂಡಿಸಿಕೊಳ್ಳಬೇಕು. ಈ ಸಂದರ್ಭದಲ್ಲಿ ಕೌಶಲ್ಯ ವೇದಿಕೆ ಸಂಚಾಲಕ ಡಾ. ಪಿ.ಎನ್. ನರಸಿಂಹಮೂರ್ತಿ, ಉಪನ್ಯಾಸಕರು ಹಾಗೂ ವಿದ್ಯಾರ್ಥಿಗಳು ಉಪಸ್ಥಿತರಿದ್ದರು.
ಸ್ಥಳೀಯ ಸಂಸ್ಥೆಗಳ ಸ್ಥಾಪನೆಯಲ್ಲಿ ಬಲವಂತ್ ರಾಯ್ ಮೆಹ್ತಾ, ಅಶೋಕ್ ಮೆಹ್ತಾ, ಎಲ್.ಎಂ. ಸಿಂಘ್ವಿ ಸಮಿತಿಗಳ ಶಿಫಾರಸ್ಸುಗಳು ಪ್ರಮುಖವಾಗಿವೆ. ಅಧಿಕಾರ ವಿಕೇಂದ್ರೀಕರಣದ ಮೂಲಕ ಗ್ರಾಮೀಣ ಪ್ರಜಾಪ್ರಭುತ್ವ ಬಲಗೊಂಡಿದೆ. ಇಂದು ಮಹಿಳೆಯರಿಗೆ ಶೇ.50 ರಷ್ಟು ಮೀಸಲಾತಿ ನೀಡಲಾಗಿದೆ. ಕಾರ್ಯಕ್ರಮದಲ್ಲಿ ಉಪನ್ಯಾಸಕ ಶ್ರೀನಿವಾಸ್, ಹರ್ಷಿತಾ ಸ್ವಾಗತಿಸಿ, ದಿವ್ಯಶ್ರೀ ಪ್ರಾರ್ಥಿಸಿದರು.
